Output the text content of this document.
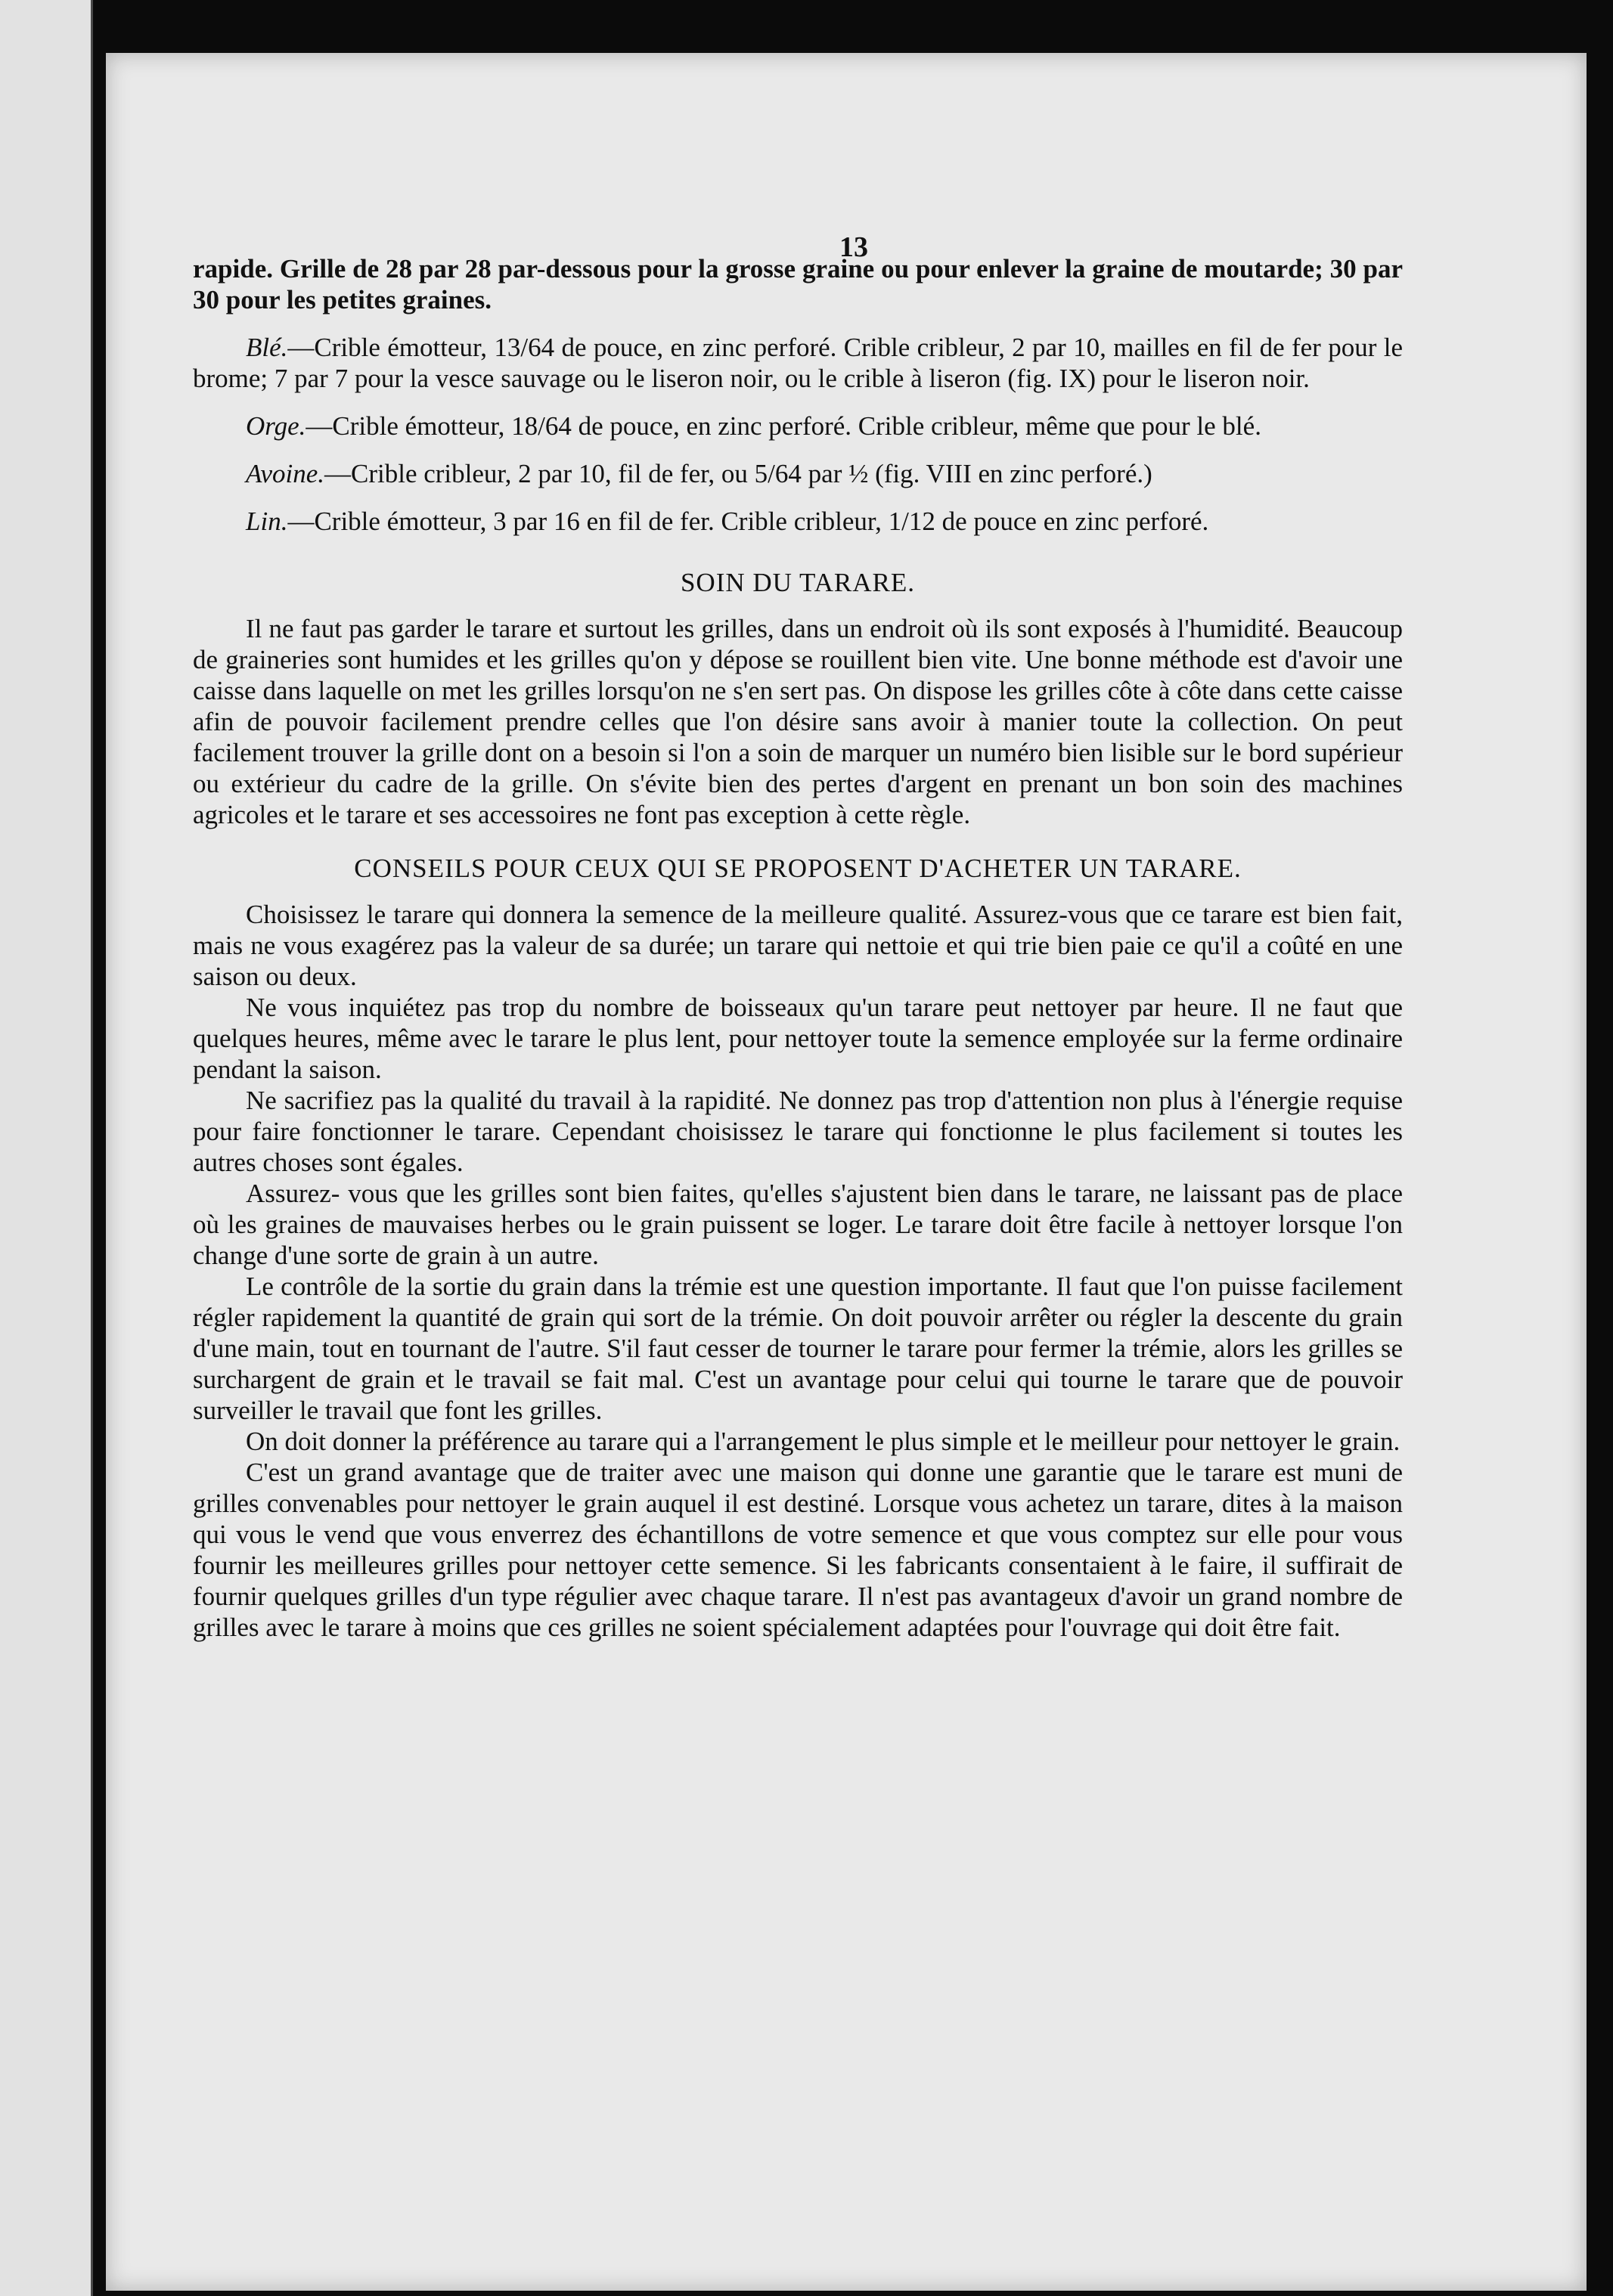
13

rapide. Grille de 28 par 28 par-dessous pour la grosse graine ou pour enlever la graine de moutarde; 30 par 30 pour les petites graines.

Blé.—Crible émotteur, 13/64 de pouce, en zinc perforé. Crible cribleur, 2 par 10, mailles en fil de fer pour le brome; 7 par 7 pour la vesce sauvage ou le liseron noir, ou le crible à liseron (fig. IX) pour le liseron noir.

Orge.—Crible émotteur, 18/64 de pouce, en zinc perforé. Crible cribleur, même que pour le blé.

Avoine.—Crible cribleur, 2 par 10, fil de fer, ou 5/64 par ½ (fig. VIII en zinc perforé.)

Lin.—Crible émotteur, 3 par 16 en fil de fer. Crible cribleur, 1/12 de pouce en zinc perforé.

SOIN DU TARARE.

Il ne faut pas garder le tarare et surtout les grilles, dans un endroit où ils sont exposés à l'humidité. Beaucoup de graineries sont humides et les grilles qu'on y dépose se rouillent bien vite. Une bonne méthode est d'avoir une caisse dans laquelle on met les grilles lorsqu'on ne s'en sert pas. On dispose les grilles côte à côte dans cette caisse afin de pouvoir facilement prendre celles que l'on désire sans avoir à manier toute la collection. On peut facilement trouver la grille dont on a besoin si l'on a soin de marquer un numéro bien lisible sur le bord supérieur ou extérieur du cadre de la grille. On s'évite bien des pertes d'argent en prenant un bon soin des machines agricoles et le tarare et ses accessoires ne font pas exception à cette règle.

CONSEILS POUR CEUX QUI SE PROPOSENT D'ACHETER UN TARARE.

Choisissez le tarare qui donnera la semence de la meilleure qualité. Assurez-vous que ce tarare est bien fait, mais ne vous exagérez pas la valeur de sa durée; un tarare qui nettoie et qui trie bien paie ce qu'il a coûté en une saison ou deux.

Ne vous inquiétez pas trop du nombre de boisseaux qu'un tarare peut nettoyer par heure. Il ne faut que quelques heures, même avec le tarare le plus lent, pour nettoyer toute la semence employée sur la ferme ordinaire pendant la saison.

Ne sacrifiez pas la qualité du travail à la rapidité. Ne donnez pas trop d'attention non plus à l'énergie requise pour faire fonctionner le tarare. Cependant choisissez le tarare qui fonctionne le plus facilement si toutes les autres choses sont égales.

Assurez- vous que les grilles sont bien faites, qu'elles s'ajustent bien dans le tarare, ne laissant pas de place où les graines de mauvaises herbes ou le grain puissent se loger. Le tarare doit être facile à nettoyer lorsque l'on change d'une sorte de grain à un autre.

Le contrôle de la sortie du grain dans la trémie est une question importante. Il faut que l'on puisse facilement régler rapidement la quantité de grain qui sort de la trémie. On doit pouvoir arrêter ou régler la descente du grain d'une main, tout en tournant de l'autre. S'il faut cesser de tourner le tarare pour fermer la trémie, alors les grilles se surchargent de grain et le travail se fait mal. C'est un avantage pour celui qui tourne le tarare que de pouvoir surveiller le travail que font les grilles.

On doit donner la préférence au tarare qui a l'arrangement le plus simple et le meilleur pour nettoyer le grain.

C'est un grand avantage que de traiter avec une maison qui donne une garantie que le tarare est muni de grilles convenables pour nettoyer le grain auquel il est destiné. Lorsque vous achetez un tarare, dites à la maison qui vous le vend que vous enverrez des échantillons de votre semence et que vous comptez sur elle pour vous fournir les meilleures grilles pour nettoyer cette semence. Si les fabricants consentaient à le faire, il suffirait de fournir quelques grilles d'un type régulier avec chaque tarare. Il n'est pas avantageux d'avoir un grand nombre de grilles avec le tarare à moins que ces grilles ne soient spécialement adaptées pour l'ouvrage qui doit être fait.
